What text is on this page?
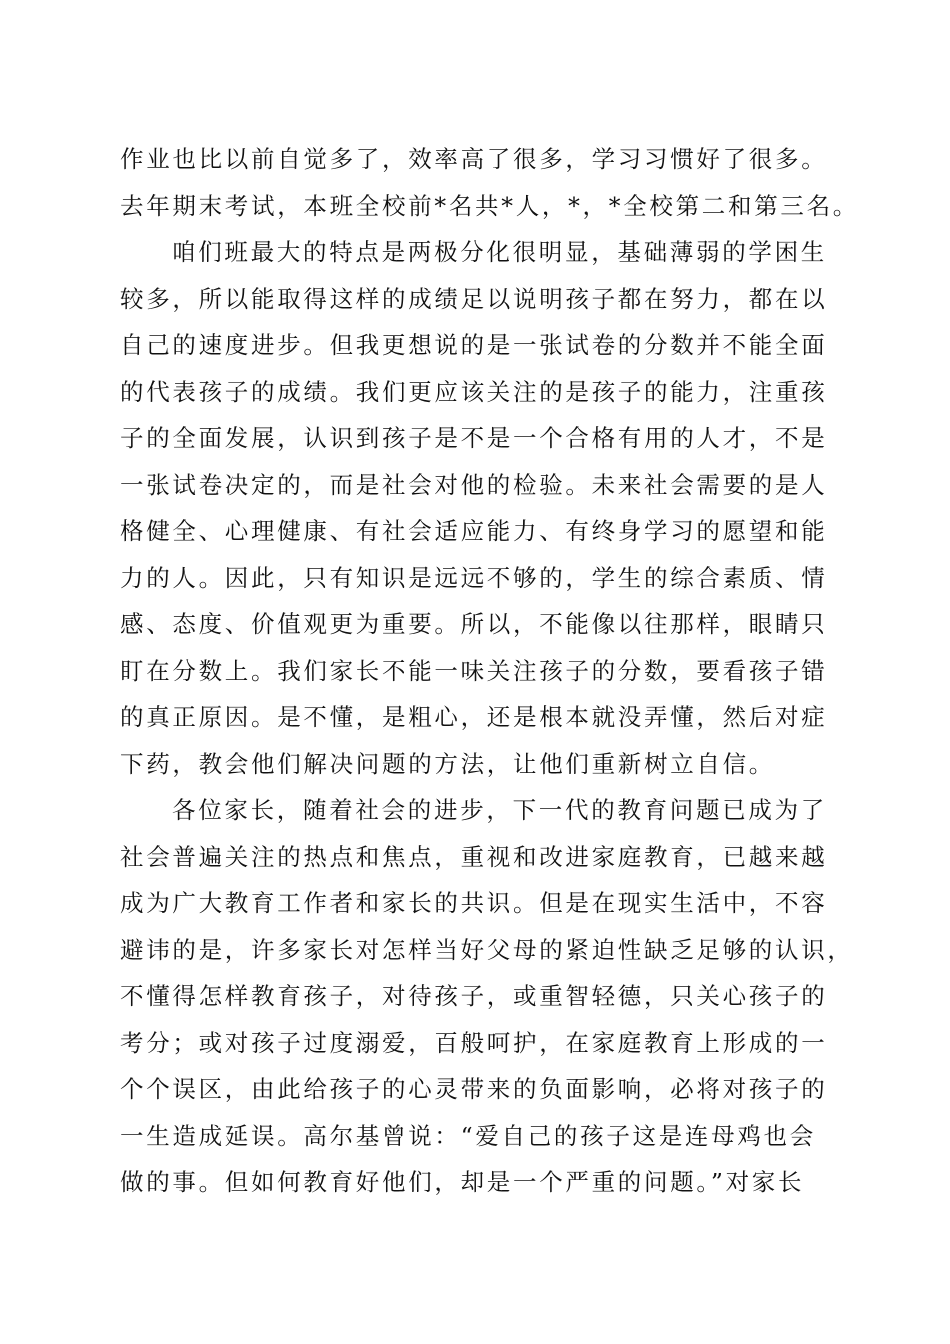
作业也比以前自觉多了，效率高了很多，学习习惯好了很多。
去年期末考试，本班全校前*名共*人，*，*全校第二和第三名。
咱们班最大的特点是两极分化很明显，基础薄弱的学困生
较多，所以能取得这样的成绩足以说明孩子都在努力，都在以
自己的速度进步。但我更想说的是一张试卷的分数并不能全面
的代表孩子的成绩。我们更应该关注的是孩子的能力，注重孩
子的全面发展，认识到孩子是不是一个合格有用的人才，不是
一张试卷决定的，而是社会对他的检验。未来社会需要的是人
格健全、心理健康、有社会适应能力、有终身学习的愿望和能
力的人。因此，只有知识是远远不够的，学生的综合素质、情
感、态度、价值观更为重要。所以，不能像以往那样，眼睛只
盯在分数上。我们家长不能一味关注孩子的分数，要看孩子错
的真正原因。是不懂，是粗心，还是根本就没弄懂，然后对症
下药，教会他们解决问题的方法，让他们重新树立自信。
各位家长，随着社会的进步，下一代的教育问题已成为了
社会普遍关注的热点和焦点，重视和改进家庭教育，已越来越
成为广大教育工作者和家长的共识。但是在现实生活中，不容
避讳的是，许多家长对怎样当好父母的紧迫性缺乏足够的认识，
不懂得怎样教育孩子，对待孩子，或重智轻德，只关心孩子的
考分；或对孩子过度溺爱，百般呵护，在家庭教育上形成的一
个个误区，由此给孩子的心灵带来的负面影响，必将对孩子的
一生造成延误。高尔基曾说：“爱自己的孩子这是连母鸡也会
做的事。但如何教育好他们，却是一个严重的问题。”对家长
